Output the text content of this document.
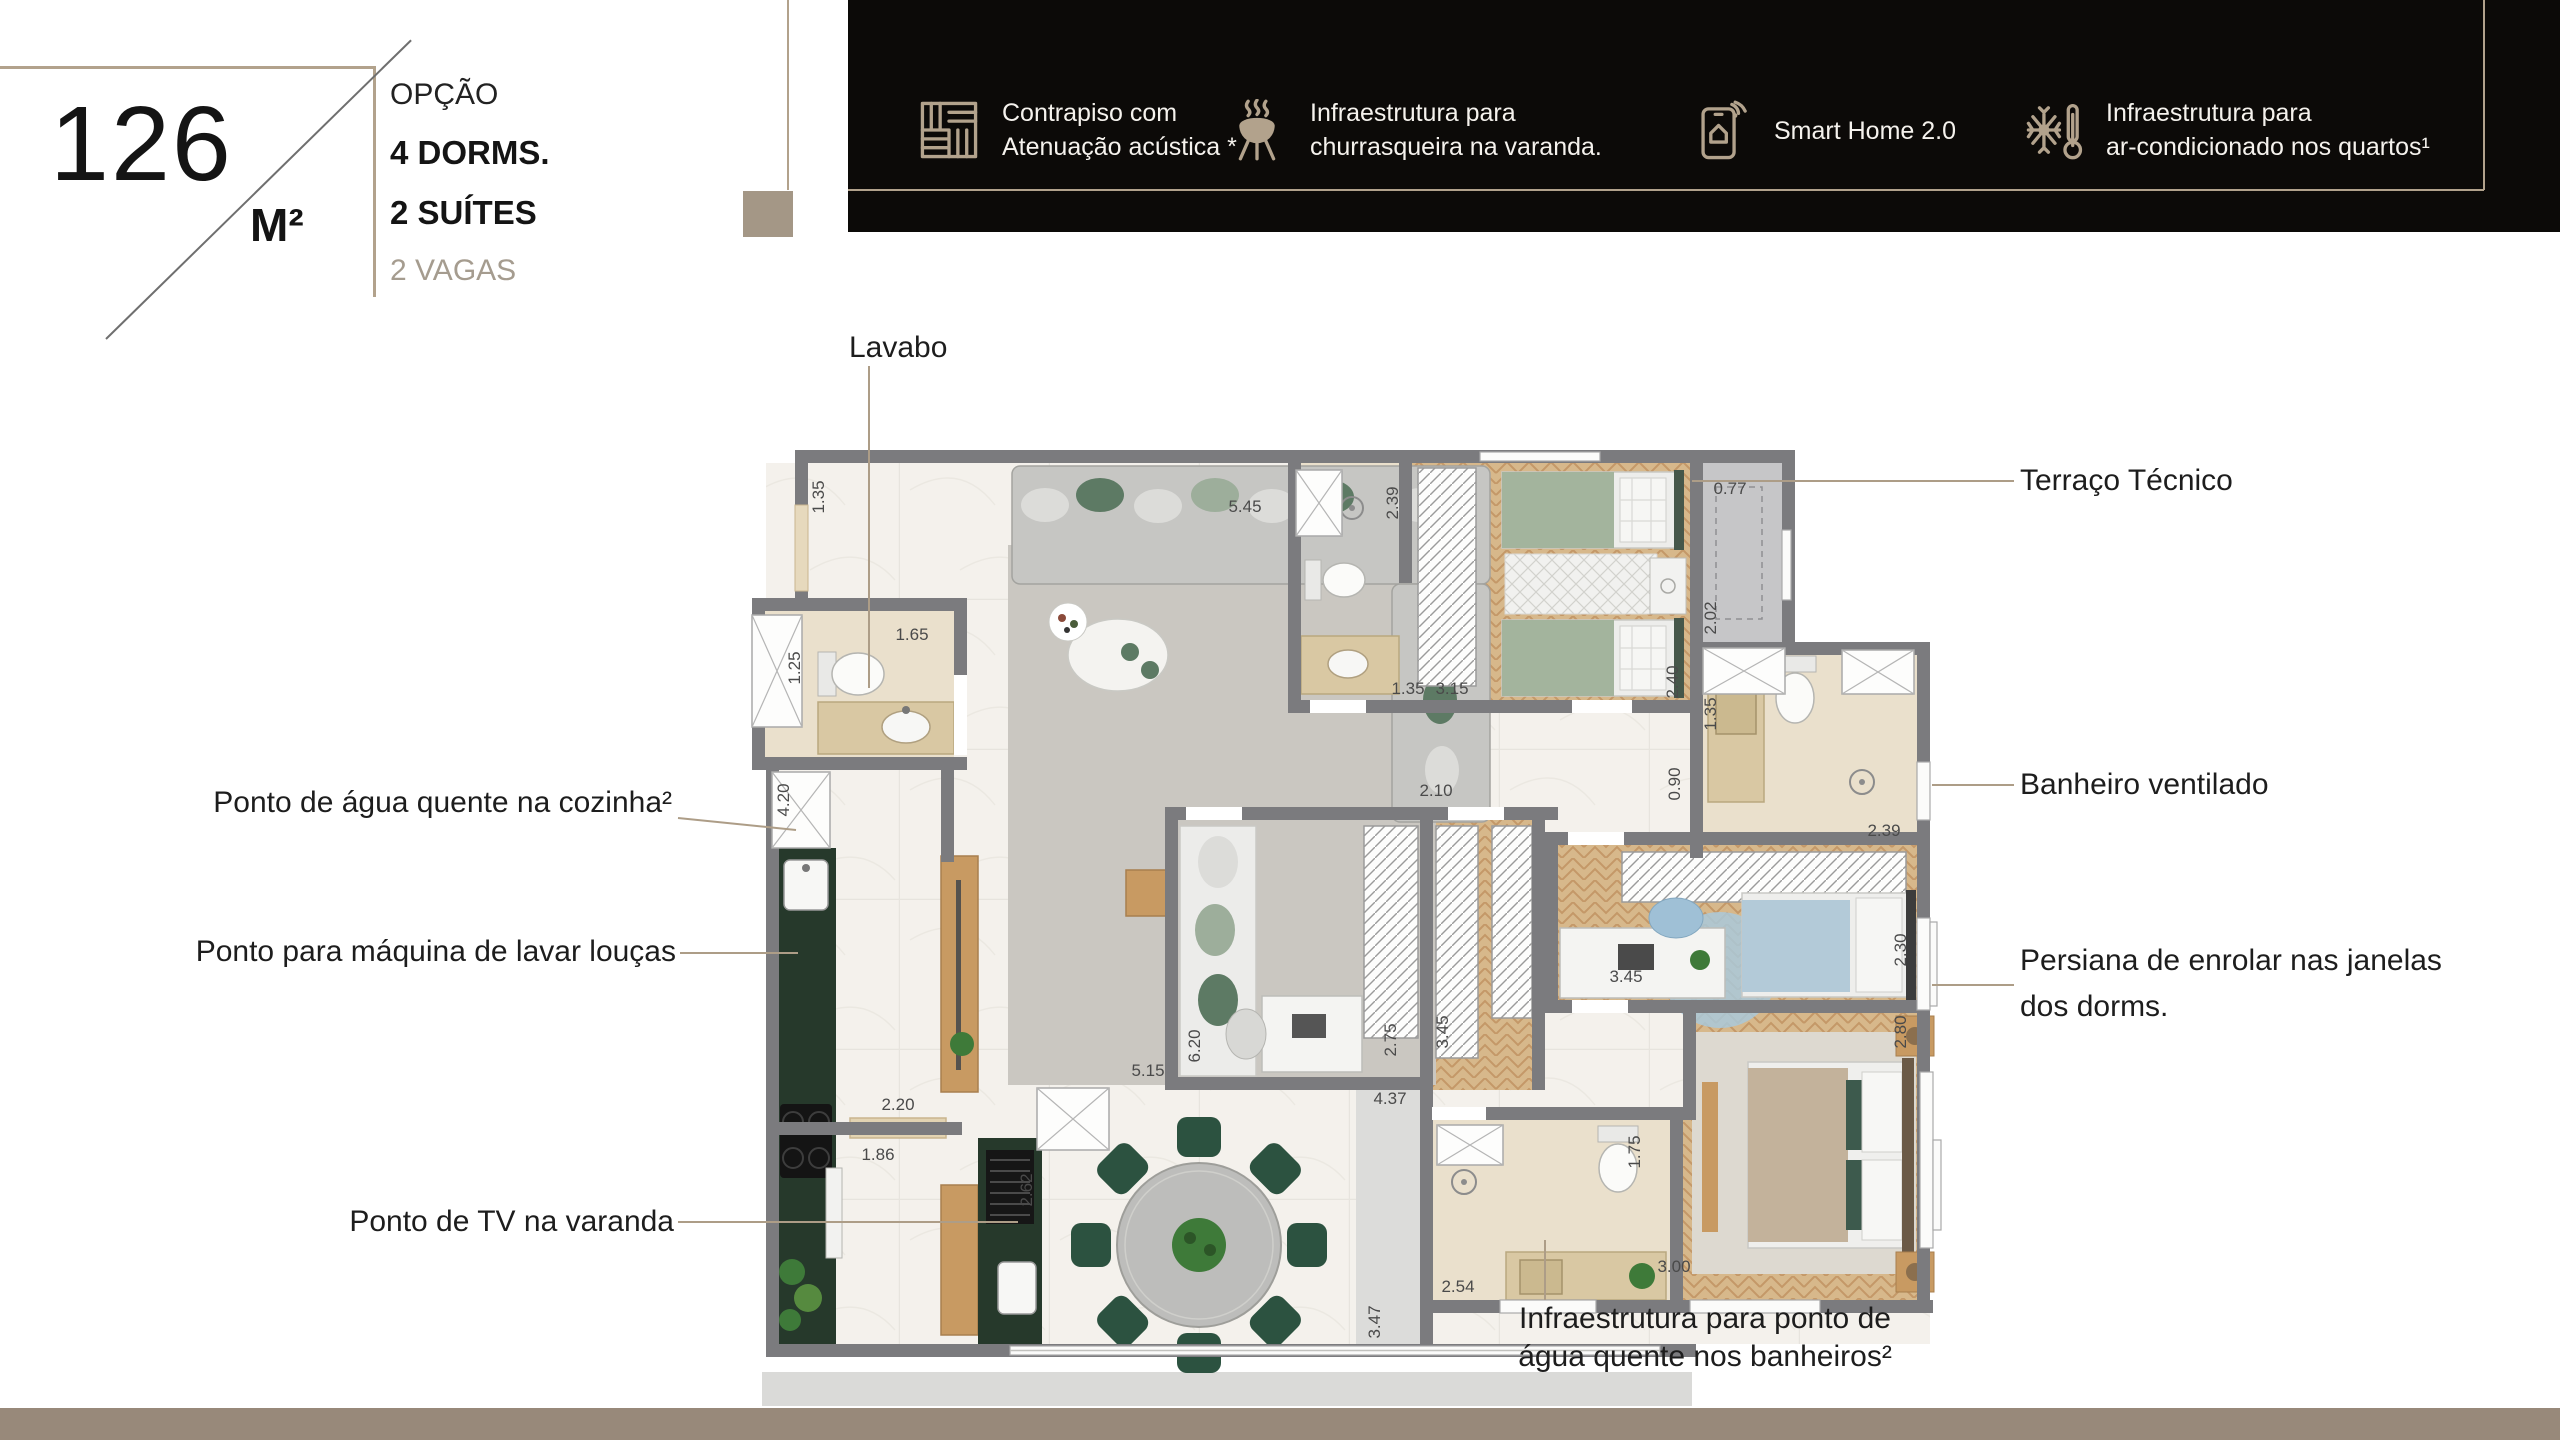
1.35
1.25
1.65
5.45	2.39
1.35 3.15	2.40
0.77
2.02
0.90
1.35
2.39
4.20
2.20
1.86
2.62
5.15
6.20
2.10
2.75 3.45
3.45
2.30
4.37
2.80
1.75
2.54
3.00
3.47
126
M²
OPÇÃO
4 DORMS.
2 SUÍTES
2 VAGAS
Contrapiso com
Atenuação acústica *
Infraestrutura para
churrasqueira na varanda.
Smart Home 2.0
Infraestrutura para
ar-condicionado nos quartos¹
Lavabo
Terraço Técnico
Banheiro ventilado
Persiana de enrolar nas janelas
dos dorms.
Ponto de água quente na cozinha²
Ponto para máquina de lavar louças
Ponto de TV na varanda
Infraestrutura para ponto de
água quente nos banheiros²
